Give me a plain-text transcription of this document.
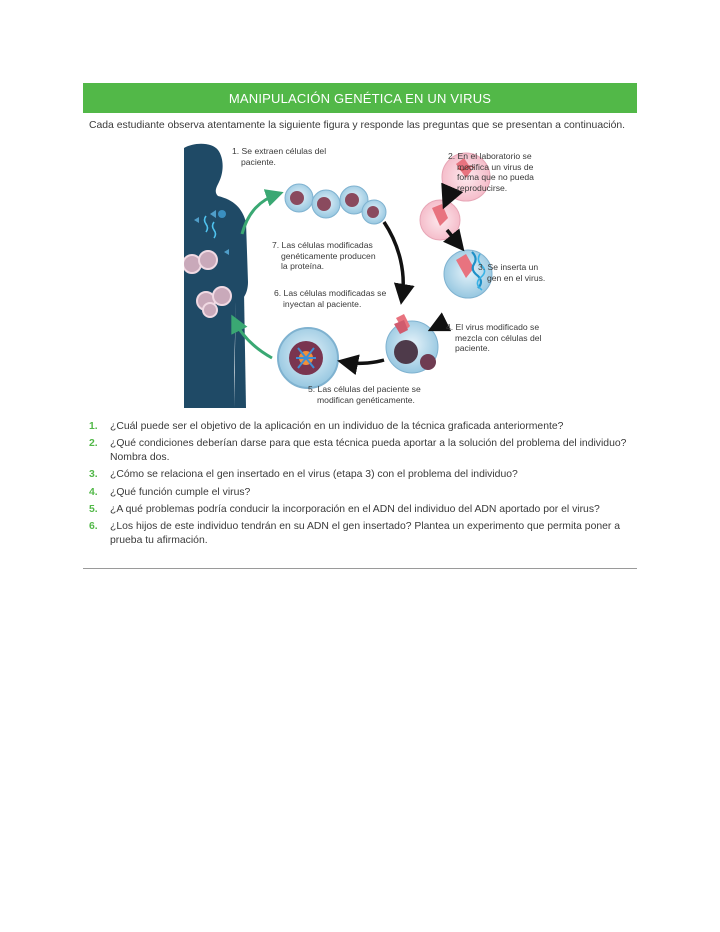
MANIPULACIÓN GENÉTICA EN UN VIRUS
Cada estudiante observa atentamente la siguiente figura y responde las preguntas que se presentan a continuación.
1. Se extraen células del
paciente.
2. En el laboratorio se
modifica un virus de
forma que no pueda
reproducirse.
3. Se inserta un
gen en el virus.
4. El virus modificado se
mezcla con células del
paciente.
5. Las células del paciente se
modifican genéticamente.
6. Las células modificadas se
inyectan al paciente.
7. Las células modificadas
genéticamente producen
la proteína.
1.	¿Cuál puede ser el objetivo de la aplicación en un individuo de la técnica graficada anteriormente?
2.	¿Qué condiciones deberían darse para que esta técnica pueda aportar a la solución del problema del individuo? Nombra dos.
3.	¿Cómo se relaciona el gen insertado en el virus (etapa 3) con el problema del individuo?
4.	¿Qué función cumple el virus?
5.	¿A qué problemas podría conducir la incorporación en el ADN del individuo del ADN aportado por el virus?
6.	¿Los hijos de este individuo tendrán en su ADN el gen insertado? Plantea un experimento que permita poner a prueba tu afirmación.
